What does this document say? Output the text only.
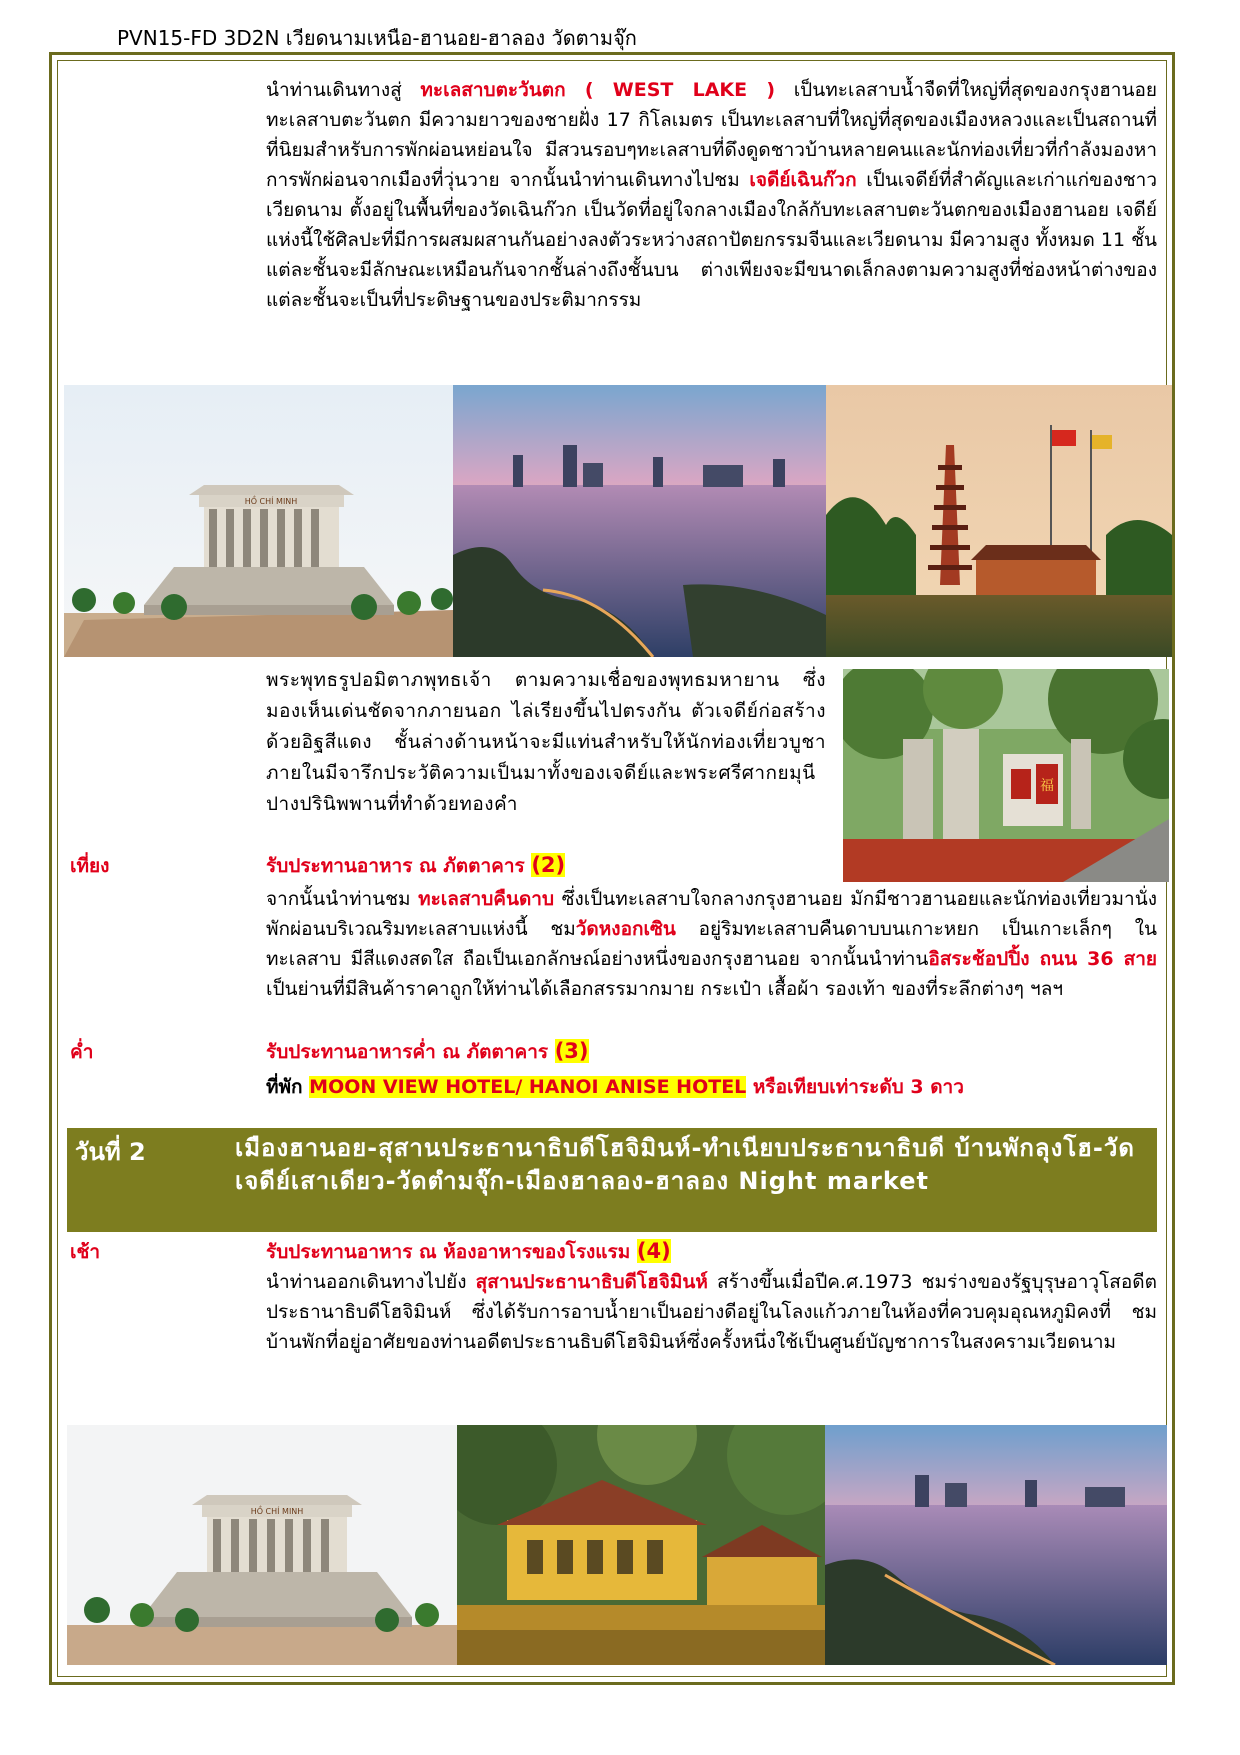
PVN15-FD 3D2N เวียดนามเหนือ-ฮานอย-ฮาลอง วัดตามจุ๊ก
นำท่านเดินทางสู่ ทะเลสาบตะวันตก ( WEST LAKE ) เป็นทะเลสาบน้ำจืดที่ใหญ่ที่สุดของกรุงฮานอย ทะเลสาบตะวันตก มีความยาวของชายฝั่ง 17 กิโลเมตร เป็นทะเลสาบที่ใหญ่ที่สุดของเมืองหลวงและเป็นสถานที่ที่นิยมสำหรับการพักผ่อนหย่อนใจ มีสวนรอบๆทะเลสาบที่ดึงดูดชาวบ้านหลายคนและนักท่องเที่ยวที่กำลังมองหาการพักผ่อนจากเมืองที่วุ่นวาย จากนั้นนำท่านเดินทางไปชม เจดีย์เฉินก๊วก เป็นเจดีย์ที่สำคัญและเก่าแก่ของชาวเวียดนาม ตั้งอยู่ในพื้นที่ของวัดเฉินก๊วก เป็นวัดที่อยู่ใจกลางเมืองใกล้กับทะเลสาบตะวันตกของเมืองฮานอย เจดีย์แห่งนี้ใช้ศิลปะที่มีการผสมผสานกันอย่างลงตัวระหว่างสถาปัตยกรรมจีนและเวียดนาม มีความสูง ทั้งหมด 11 ชั้น แต่ละชั้นจะมีลักษณะเหมือนกันจากชั้นล่างถึงชั้นบน ต่างเพียงจะมีขนาดเล็กลงตามความสูงที่ช่องหน้าต่างของแต่ละชั้นจะเป็นที่ประดิษฐานของประติมากรรม
HỒ CHÍ MINH
พระพุทธรูปอมิตาภพุทธเจ้า ตามความเชื่อของพุทธมหายาน ซึ่งมองเห็นเด่นชัดจากภายนอก ไล่เรียงขึ้นไปตรงกัน ตัวเจดีย์ก่อสร้างด้วยอิฐสีแดง ชั้นล่างด้านหน้าจะมีแท่นสำหรับให้นักท่องเที่ยวบูชา ภายในมีจารึกประวัติความเป็นมาทั้งของเจดีย์และพระศรีศากยมุนีปางปรินิพพานที่ทำด้วยทองคำ
福
เที่ยง	รับประทานอาหาร ณ ภัตตาคาร (2)
จากนั้นนำท่านชม ทะเลสาบคืนดาบ ซึ่งเป็นทะเลสาบใจกลางกรุงฮานอย มักมีชาวฮานอยและนักท่องเที่ยวมานั่งพักผ่อนบริเวณริมทะเลสาบแห่งนี้ ชมวัดหงอกเซิน อยู่ริมทะเลสาบคืนดาบบนเกาะหยก เป็นเกาะเล็กๆ ในทะเลสาบ มีสีแดงสดใส ถือเป็นเอกลักษณ์อย่างหนึ่งของกรุงฮานอย จากนั้นนำท่านอิสระช้อปปิ้ง ถนน 36 สาย เป็นย่านที่มีสินค้าราคาถูกให้ท่านได้เลือกสรรมากมาย กระเป๋า เสื้อผ้า รองเท้า ของที่ระลึกต่างๆ ฯลฯ
ค่ำ	รับประทานอาหารค่ำ ณ ภัตตาคาร (3)
ที่พัก MOON VIEW HOTEL/ HANOI ANISE HOTEL หรือเทียบเท่าระดับ 3 ดาว
วันที่ 2	เมืองฮานอย-สุสานประธานาธิบดีโฮจิมินห์-ทำเนียบประธานาธิบดี บ้านพักลุงโฮ-วัดเจดีย์เสาเดียว-วัดตำมจุ๊ก-เมืองฮาลอง-ฮาลอง Night market
เช้า	รับประทานอาหาร ณ ห้องอาหารของโรงแรม (4)
นำท่านออกเดินทางไปยัง สุสานประธานาธิบดีโฮจิมินห์ สร้างขึ้นเมื่อปีค.ศ.1973 ชมร่างของรัฐบุรุษอาวุโสอดีตประธานาธิบดีโฮจิมินห์ ซึ่งได้รับการอาบน้ำยาเป็นอย่างดีอยู่ในโลงแก้วภายในห้องที่ควบคุมอุณหภูมิคงที่ ชมบ้านพักที่อยู่อาศัยของท่านอดีตประธานธิบดีโฮจิมินห์ซึ่งครั้งหนึ่งใช้เป็นศูนย์บัญชาการในสงครามเวียดนาม
HỒ CHÍ MINH
